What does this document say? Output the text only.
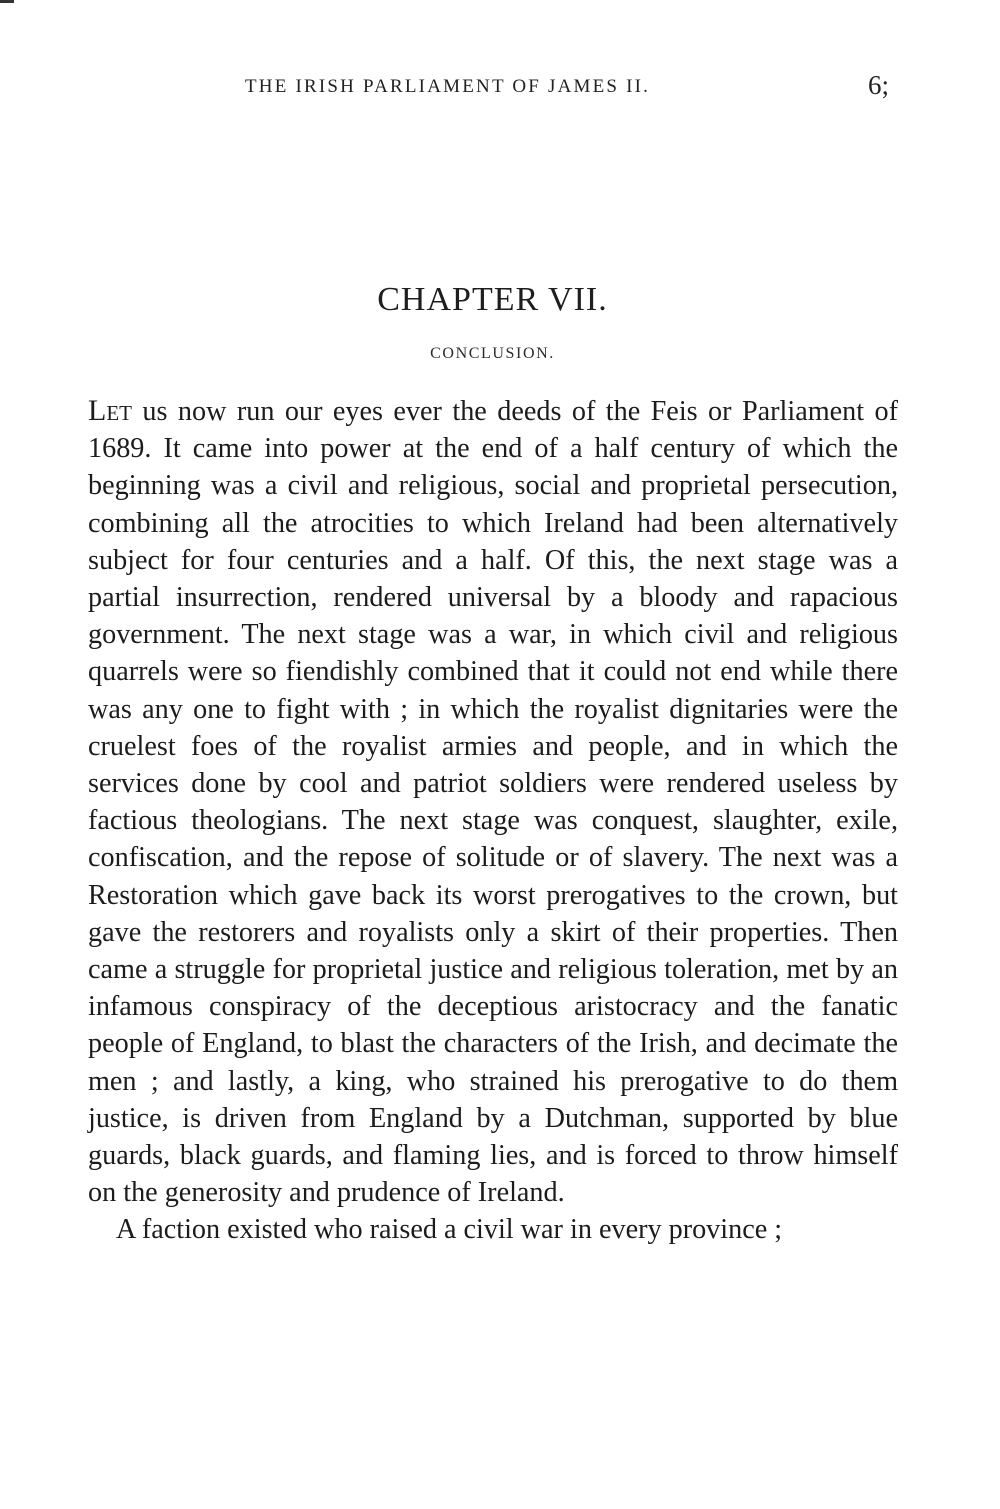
THE IRISH PARLIAMENT OF JAMES II.	6;
CHAPTER VII.
CONCLUSION.

Let us now run our eyes ever the deeds of the Feis or Parliament of 1689. It came into power at the end of a half century of which the beginning was a civil and religious, social and proprietal persecution, combining all the atrocities to which Ireland had been alternatively subject for four centuries and a half. Of this, the next stage was a partial insurrection, rendered universal by a bloody and rapacious government. The next stage was a war, in which civil and religious quarrels were so fiendishly combined that it could not end while there was any one to fight with ; in which the royalist dignitaries were the cruelest foes of the royalist armies and people, and in which the services done by cool and patriot soldiers were rendered useless by factious theologians. The next stage was conquest, slaughter, exile, confiscation, and the repose of solitude or of slavery. The next was a Restoration which gave back its worst prerogatives to the crown, but gave the restorers and royalists only a skirt of their properties. Then came a struggle for proprietal justice and religious toleration, met by an infamous conspiracy of the deceptious aristocracy and the fanatic people of England, to blast the characters of the Irish, and decimate the men ; and lastly, a king, who strained his prerogative to do them justice, is driven from England by a Dutchman, supported by blue guards, black guards, and flaming lies, and is forced to throw himself on the generosity and prudence of Ireland.

A faction existed who raised a civil war in every province ;
